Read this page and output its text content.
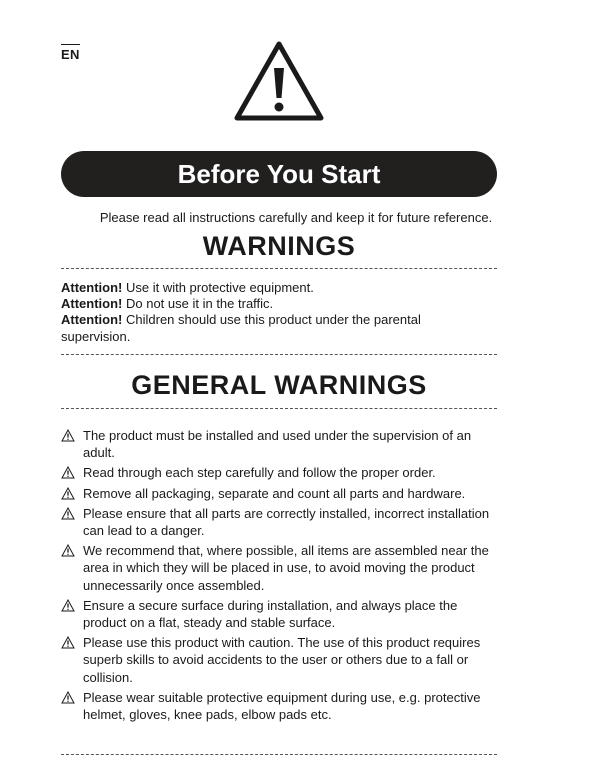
EN
Before You Start
Please read all instructions carefully and keep it for future reference.
WARNINGS
Attention! Use it with protective equipment.
Attention! Do not use it in the traffic.
Attention! Children should use this product under the parental supervision.
GENERAL WARNINGS
The product must be installed and used under the supervision of an adult.
Read through each step carefully and follow the proper order.
Remove all packaging, separate and count all parts and hardware.
Please ensure that all parts are correctly installed, incorrect installation can lead to a danger.
We recommend that, where possible, all items are assembled near the area in which they will be placed in use, to avoid moving the product unnecessarily once assembled.
Ensure a secure surface during installation, and always place the product on a flat, steady and stable surface.
Please use this product with caution. The use of this product requires superb skills to avoid accidents to the user or others due to a fall or collision.
Please wear suitable protective equipment during use, e.g. protective helmet, gloves, knee pads, elbow pads etc.
